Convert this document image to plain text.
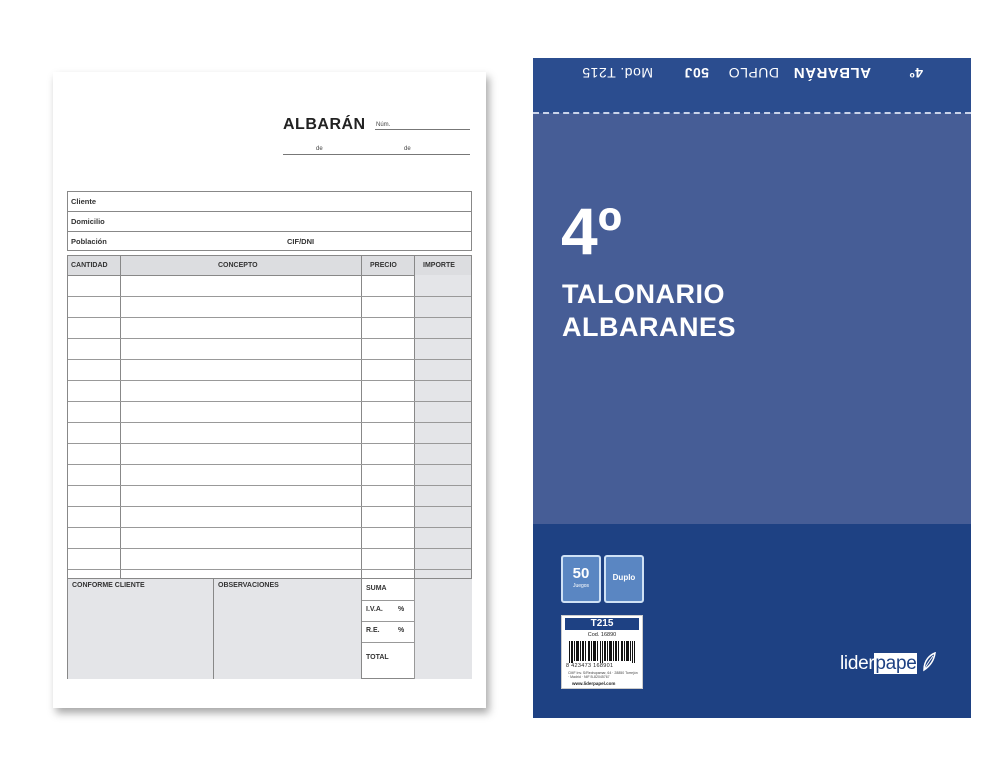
ALBARÁN Núm.
de	de
Cliente
Domicilio
Población	CIF/DNI
CANTIDAD	CONCEPTO	PRECIO	IMPORTE
CONFORME CLIENTE	OBSERVACIONES	SUMA
I.V.A. %
R.E.	%
TOTAL
4º
ALBARÁN
DUPLO
50J
Mod. T215
4º
TALONARIO
ALBARANES
50
Juegos
Duplo
T215
Cod. 16890
8 423473 168901
CMF Inv. S/Redrupamar, 64 · 28850 Torrejón · Madrid · NIF B-82045767
www.liderpapel.com
liderpape
